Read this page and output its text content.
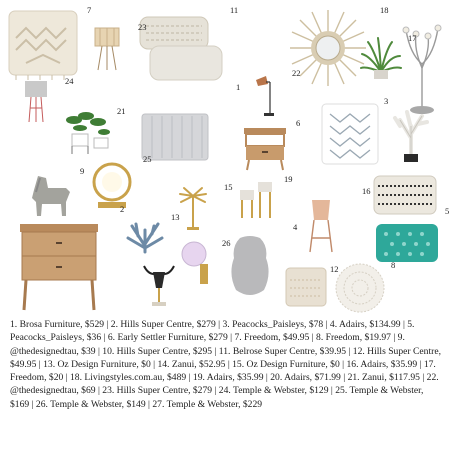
7	11	18
23
17
24
22
1
3
21
6
25
9
19
15	16
2	5
13
4
26
8
12
1. Brosa Furniture, $529 | 2. Hills Super Centre, $279 | 3. Peacocks_Paisleys, $78 | 4. Adairs, $134.99 | 5. Peacocks_Paisleys, $36 | 6. Early Settler Furniture, $279 | 7. Freedom, $49.95 | 8. Freedom, $19.97 | 9. @thedesignedtau, $39 | 10. Hills Super Centre, $295 | 11. Belrose Super Centre, $39.95 | 12. Hills Super Centre, $49.95 | 13. Oz Design Furniture, $0 | 14. Zanui, $52.95 | 15. Oz Design Furniture, $0 | 16. Adairs, $35.99 | 17. Freedom, $20 | 18. Livingstyles.com.au, $489 | 19. Adairs, $35.99 | 20. Adairs, $71.99 | 21. Zanui, $117.95 | 22. @thedesignedtau, $69 | 23. Hills Super Centre, $279 | 24. Temple & Webster, $129 | 25. Temple & Webster, $169 | 26. Temple & Webster, $149 | 27. Temple & Webster, $229
